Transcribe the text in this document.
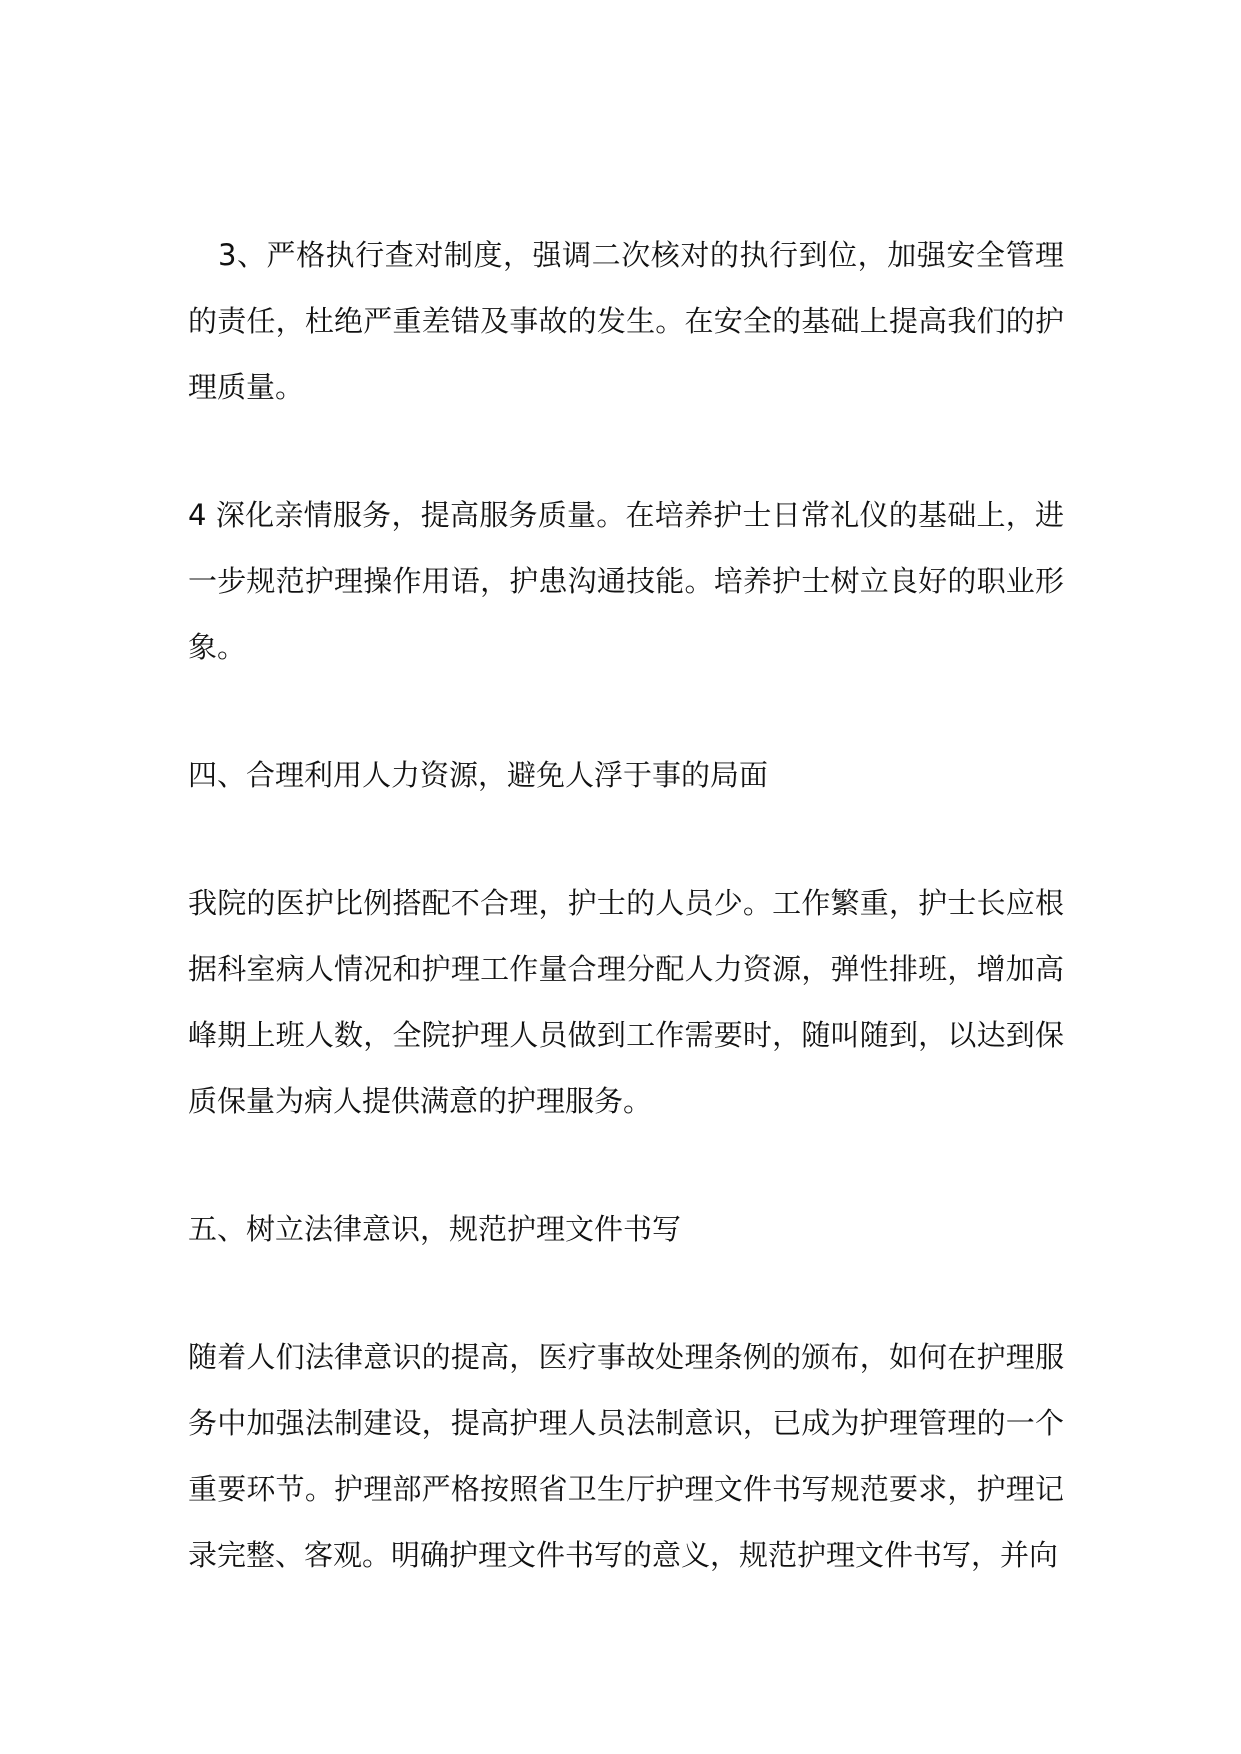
3、严格执行查对制度，强调二次核对的执行到位，加强安全管理的责任，杜绝严重差错及事故的发生。在安全的基础上提高我们的护理质量。

4 深化亲情服务，提高服务质量。在培养护士日常礼仪的基础上，进一步规范护理操作用语，护患沟通技能。培养护士树立良好的职业形象。

四、合理利用人力资源，避免人浮于事的局面

我院的医护比例搭配不合理，护士的人员少。工作繁重，护士长应根据科室病人情况和护理工作量合理分配人力资源，弹性排班，增加高峰期上班人数，全院护理人员做到工作需要时，随叫随到，以达到保质保量为病人提供满意的护理服务。

五、树立法律意识，规范护理文件书写

随着人们法律意识的提高，医疗事故处理条例的颁布，如何在护理服务中加强法制建设，提高护理人员法制意识，已成为护理管理的一个重要环节。护理部严格按照省卫生厅护理文件书写规范要求，护理记录完整、客观。明确护理文件书写的意义，规范护理文件书写，并向
